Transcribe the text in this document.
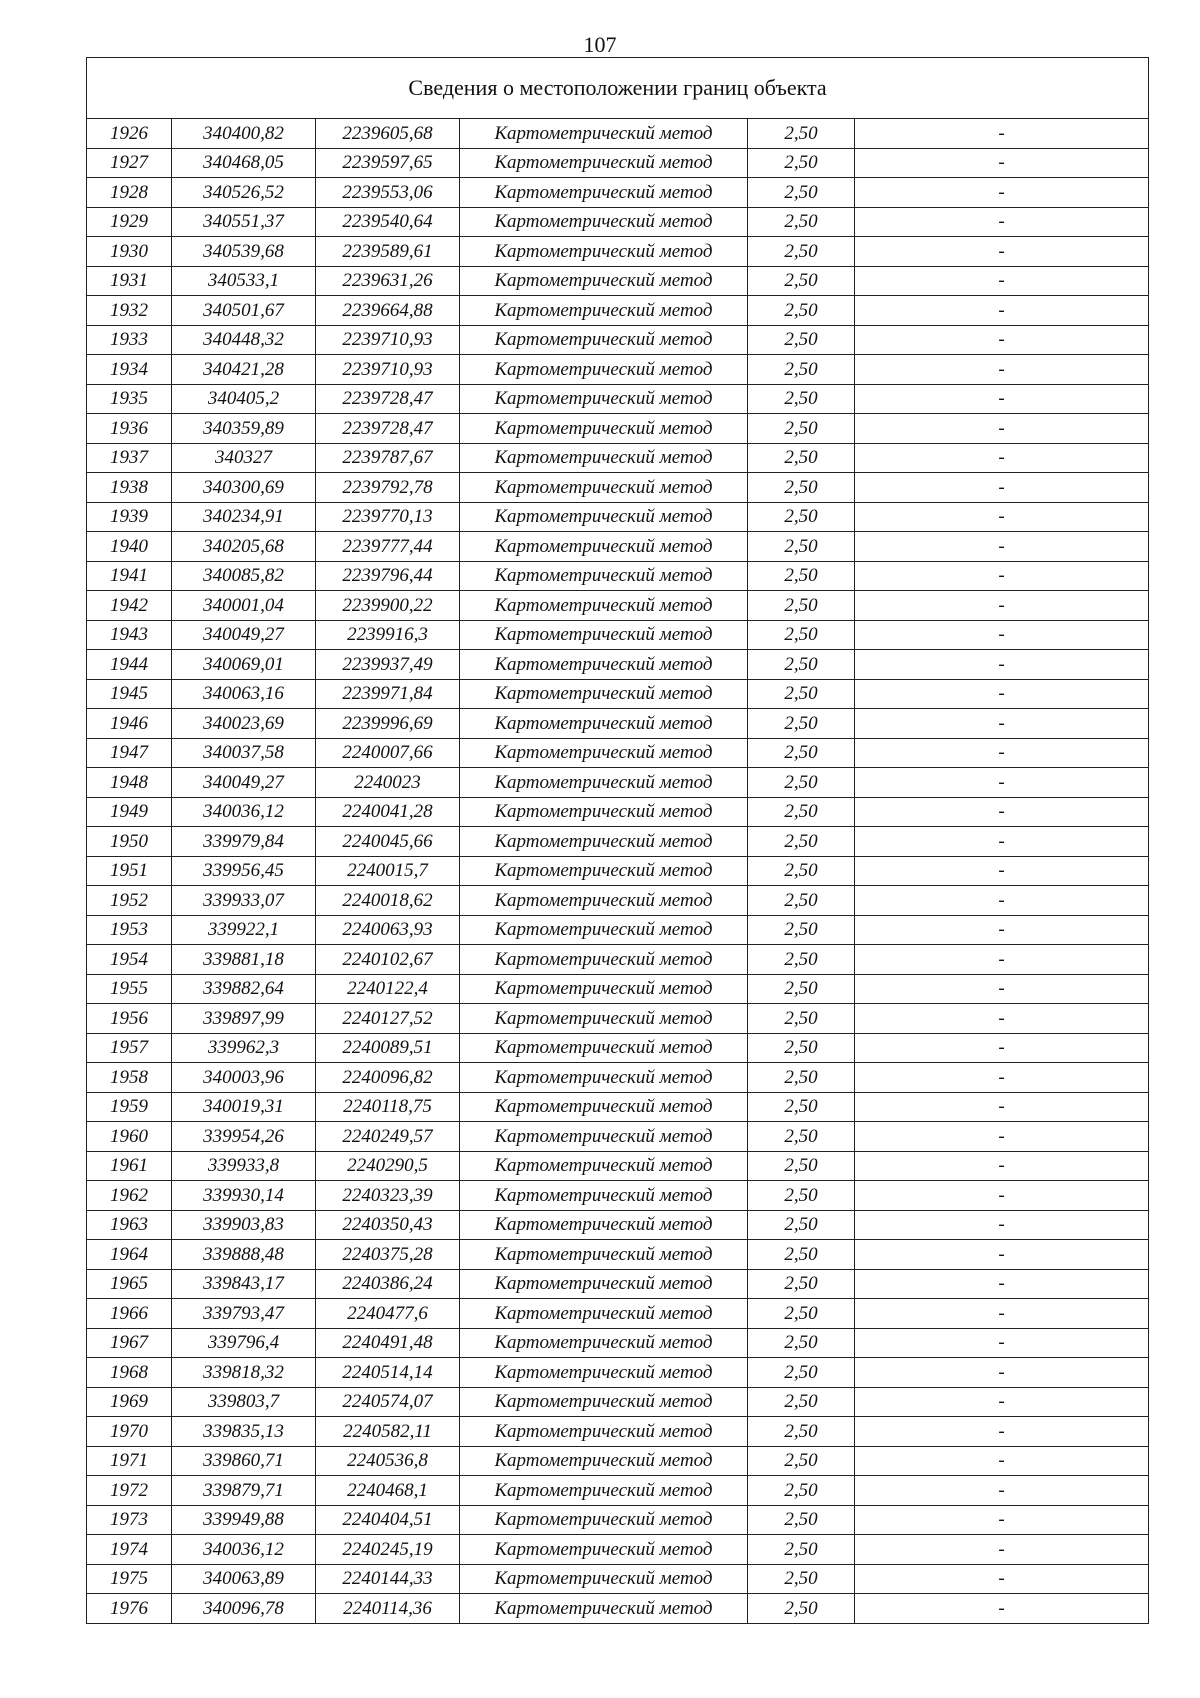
107
Сведения о местоположении границ объекта					
1926	340400,82	2239605,68	Картометрический метод	2,50	-
1927	340468,05	2239597,65	Картометрический метод	2,50	-
1928	340526,52	2239553,06	Картометрический метод	2,50	-
1929	340551,37	2239540,64	Картометрический метод	2,50	-
1930	340539,68	2239589,61	Картометрический метод	2,50	-
1931	340533,1	2239631,26	Картометрический метод	2,50	-
1932	340501,67	2239664,88	Картометрический метод	2,50	-
1933	340448,32	2239710,93	Картометрический метод	2,50	-
1934	340421,28	2239710,93	Картометрический метод	2,50	-
1935	340405,2	2239728,47	Картометрический метод	2,50	-
1936	340359,89	2239728,47	Картометрический метод	2,50	-
1937	340327	2239787,67	Картометрический метод	2,50	-
1938	340300,69	2239792,78	Картометрический метод	2,50	-
1939	340234,91	2239770,13	Картометрический метод	2,50	-
1940	340205,68	2239777,44	Картометрический метод	2,50	-
1941	340085,82	2239796,44	Картометрический метод	2,50	-
1942	340001,04	2239900,22	Картометрический метод	2,50	-
1943	340049,27	2239916,3	Картометрический метод	2,50	-
1944	340069,01	2239937,49	Картометрический метод	2,50	-
1945	340063,16	2239971,84	Картометрический метод	2,50	-
1946	340023,69	2239996,69	Картометрический метод	2,50	-
1947	340037,58	2240007,66	Картометрический метод	2,50	-
1948	340049,27	2240023	Картометрический метод	2,50	-
1949	340036,12	2240041,28	Картометрический метод	2,50	-
1950	339979,84	2240045,66	Картометрический метод	2,50	-
1951	339956,45	2240015,7	Картометрический метод	2,50	-
1952	339933,07	2240018,62	Картометрический метод	2,50	-
1953	339922,1	2240063,93	Картометрический метод	2,50	-
1954	339881,18	2240102,67	Картометрический метод	2,50	-
1955	339882,64	2240122,4	Картометрический метод	2,50	-
1956	339897,99	2240127,52	Картометрический метод	2,50	-
1957	339962,3	2240089,51	Картометрический метод	2,50	-
1958	340003,96	2240096,82	Картометрический метод	2,50	-
1959	340019,31	2240118,75	Картометрический метод	2,50	-
1960	339954,26	2240249,57	Картометрический метод	2,50	-
1961	339933,8	2240290,5	Картометрический метод	2,50	-
1962	339930,14	2240323,39	Картометрический метод	2,50	-
1963	339903,83	2240350,43	Картометрический метод	2,50	-
1964	339888,48	2240375,28	Картометрический метод	2,50	-
1965	339843,17	2240386,24	Картометрический метод	2,50	-
1966	339793,47	2240477,6	Картометрический метод	2,50	-
1967	339796,4	2240491,48	Картометрический метод	2,50	-
1968	339818,32	2240514,14	Картометрический метод	2,50	-
1969	339803,7	2240574,07	Картометрический метод	2,50	-
1970	339835,13	2240582,11	Картометрический метод	2,50	-
1971	339860,71	2240536,8	Картометрический метод	2,50	-
1972	339879,71	2240468,1	Картометрический метод	2,50	-
1973	339949,88	2240404,51	Картометрический метод	2,50	-
1974	340036,12	2240245,19	Картометрический метод	2,50	-
1975	340063,89	2240144,33	Картометрический метод	2,50	-
1976	340096,78	2240114,36	Картометрический метод	2,50	-
